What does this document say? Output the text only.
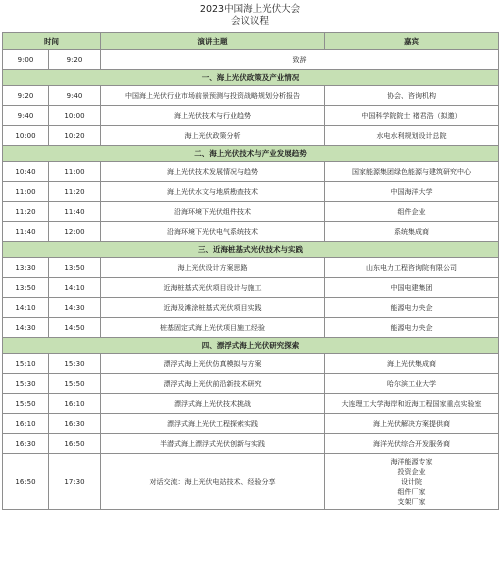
2023中国海上光伏大会
会议议程
时间		演讲主题	嘉宾
9:00	9:20	致辞	
一、海上光伏政策及产业情况			
9:20	9:40	中国海上光伏行业市场前景预测与投资战略规划分析报告	协会、咨询机构
9:40	10:00	海上光伏技术与行业趋势	中国科学院院士 褚君浩（拟邀）
10:00	10:20	海上光伏政策分析	水电水利规划设计总院
二、海上光伏技术与产业发展趋势			
10:40	11:00	海上光伏技术发展情况与趋势	国家能源集团绿色能源与建筑研究中心
11:00	11:20	海上光伏水文与地质勘查技术	中国海洋大学
11:20	11:40	沿海环境下光伏组件技术	组件企业
11:40	12:00	沿海环境下光伏电气系统技术	系统集成商
三、近海桩基式光伏技术与实践			
13:30	13:50	海上光伏设计方案思路	山东电力工程咨询院有限公司
13:50	14:10	近海桩基式光伏项目设计与施工	中国电建集团
14:10	14:30	近海及滩涂桩基式光伏项目实践	能源电力央企
14:30	14:50	桩基固定式海上光伏项目施工经验	能源电力央企
四、漂浮式海上光伏研究探索			
15:10	15:30	漂浮式海上光伏仿真模拟与方案	海上光伏集成商
15:30	15:50	漂浮式海上光伏前沿新技术研究	哈尔滨工业大学
15:50	16:10	漂浮式海上光伏技术挑战	大连理工大学海岸和近海工程国家重点实验室
16:10	16:30	漂浮式海上光伏工程探索实践	海上光伏解决方案提供商
16:30	16:50	半潜式海上漂浮式光伏创新与实践	海洋光伏综合开发服务商
16:50	17:30	对话交流：海上光伏电站技术、经验分享	海洋能源专家
投资企业
设计院
组件厂家
支架厂家
